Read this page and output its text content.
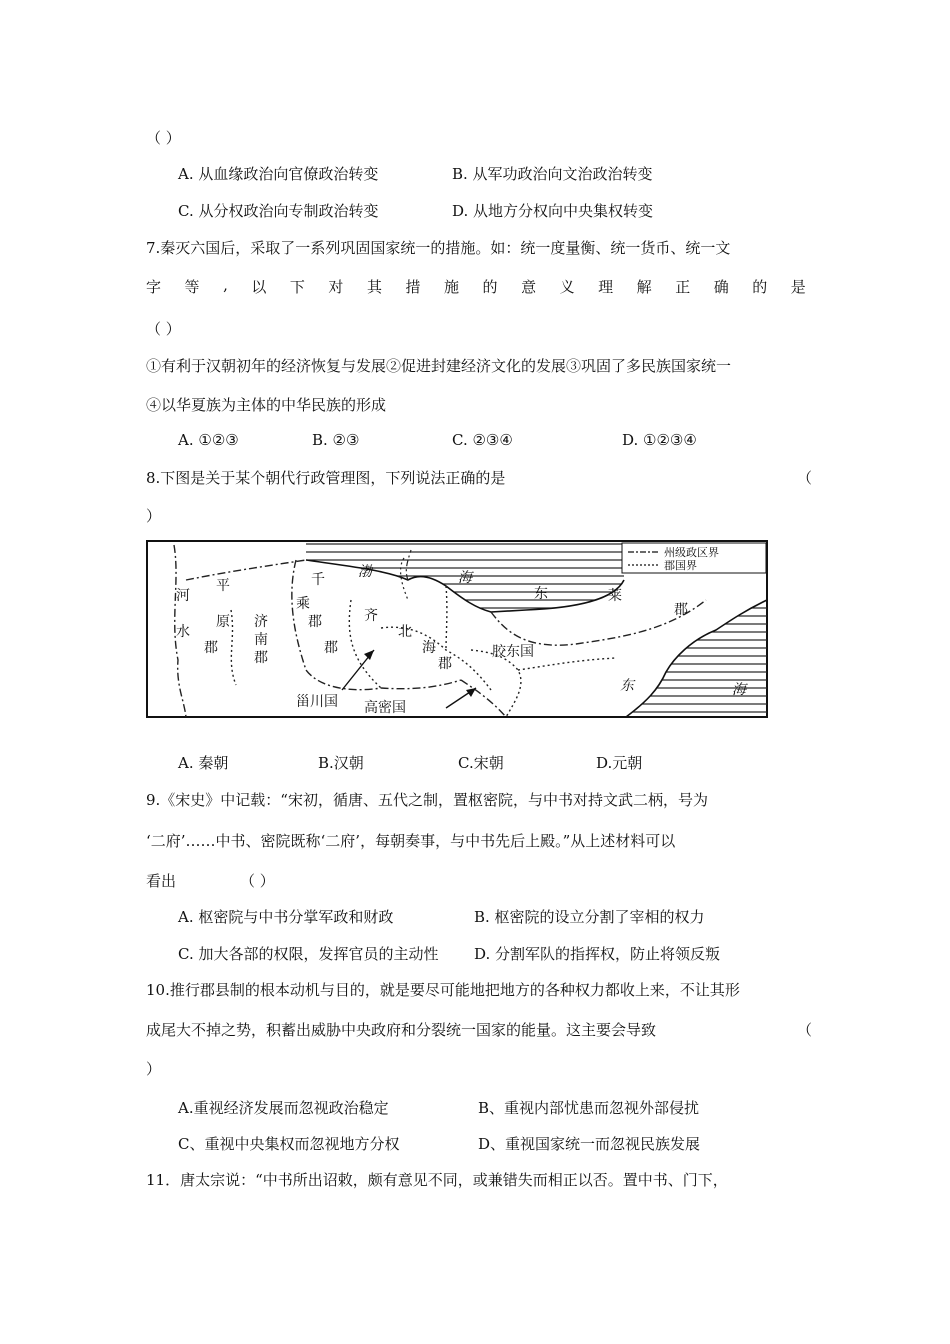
（ ）
A. 从血缘政治向官僚政治转变	B. 从军功政治向文治政治转变
C. 从分权政治向专制政治转变	D. 从地方分权向中央集权转变
7.秦灭六国后，采取了一系列巩固国家统一的措施。如：统一度量衡、统一货币、统一文
字 等 , 以 下 对 其 措 施 的 意 义 理 解 正 确 的 是
（ ）
①有利于汉朝初年的经济恢复与发展②促进封建经济文化的发展③巩固了多民族国家统一
④以华夏族为主体的中华民族的形成
A. ①②③	B. ②③	C. ②③④	D. ①②③④
8.下图是关于某个朝代行政管理图，下列说法正确的是	（
）
州级政区界
郡国界
渤	海
东	海
河
水
平
原
郡
济
南
郡
千
乘
郡	齐
郡
北
海
郡
胶东国
东	莱
郡
甾川国 高密国
A. 秦朝	B.汉朝	C.宋朝	D.元朝
9.《宋史》中记载：“宋初，循唐、五代之制，置枢密院，与中书对持文武二柄，号为
‘二府’……中书、密院既称‘二府’，每朝奏事，与中书先后上殿。”从上述材料可以
看出	（ ）
A. 枢密院与中书分掌军政和财政	B. 枢密院的设立分割了宰相的权力
C. 加大各部的权限，发挥官员的主动性 D. 分割军队的指挥权，防止将领反叛
10.推行郡县制的根本动机与目的，就是要尽可能地把地方的各种权力都收上来，不让其形
成尾大不掉之势，积蓄出威胁中央政府和分裂统一国家的能量。这主要会导致	（
）
A.重视经济发展而忽视政治稳定	B、重视内部忧患而忽视外部侵扰
C、重视中央集权而忽视地方分权	D、重视国家统一而忽视民族发展
11．唐太宗说：“中书所出诏敕，颇有意见不同，或兼错失而相正以否。置中书、门下，
